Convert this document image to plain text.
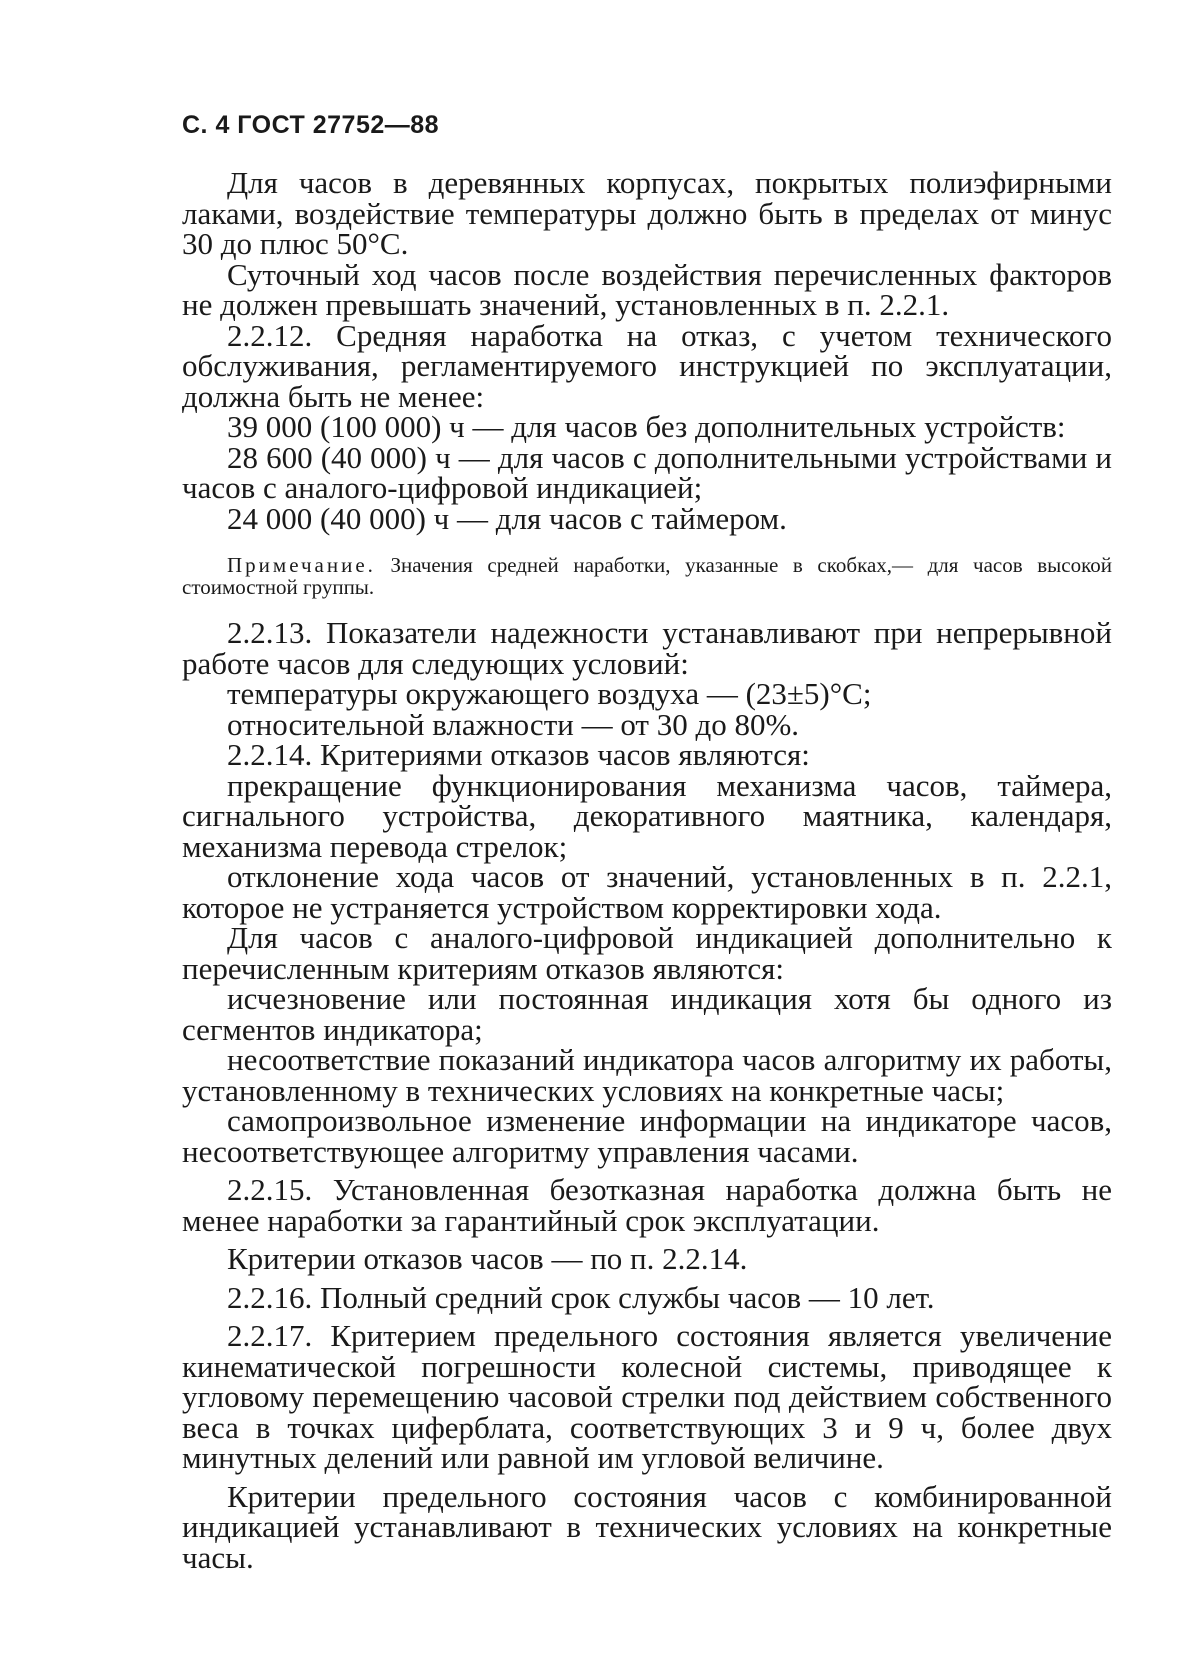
С. 4 ГОСТ 27752—88

Для часов в деревянных корпусах, покрытых полиэфирными лаками, воздействие температуры должно быть в пределах от минус 30 до плюс 50°С.

Суточный ход часов после воздействия перечисленных факторов не должен превышать значений, установленных в п. 2.2.1.

2.2.12. Средняя наработка на отказ, с учетом технического обслуживания, регламентируемого инструкцией по эксплуатации, должна быть не менее:

39 000 (100 000) ч — для часов без дополнительных устройств:

28 600 (40 000) ч — для часов с дополнительными устройствами и часов с аналого-цифровой индикацией;

24 000 (40 000) ч — для часов с таймером.

Примечание. Значения средней наработки, указанные в скобках,— для часов высокой стоимостной группы.

2.2.13. Показатели надежности устанавливают при непрерывной работе часов для следующих условий:

температуры окружающего воздуха — (23±5)°С;

относительной влажности — от 30 до 80%.

2.2.14. Критериями отказов часов являются:

прекращение функционирования механизма часов, таймера, сигнального устройства, декоративного маятника, календаря, механизма перевода стрелок;

отклонение хода часов от значений, установленных в п. 2.2.1, которое не устраняется устройством корректировки хода.

Для часов с аналого-цифровой индикацией дополнительно к перечисленным критериям отказов являются:

исчезновение или постоянная индикация хотя бы одного из сегментов индикатора;

несоответствие показаний индикатора часов алгоритму их работы, установленному в технических условиях на конкретные часы;

самопроизвольное изменение информации на индикаторе часов, несоответствующее алгоритму управления часами.

2.2.15. Установленная безотказная наработка должна быть не менее наработки за гарантийный срок эксплуатации.

Критерии отказов часов — по п. 2.2.14.

2.2.16. Полный средний срок службы часов — 10 лет.

2.2.17. Критерием предельного состояния является увеличение кинематической погрешности колесной системы, приводящее к угловому перемещению часовой стрелки под действием собственного веса в точках циферблата, соответствующих 3 и 9 ч, более двух минутных делений или равной им угловой величине.

Критерии предельного состояния часов с комбинированной индикацией устанавливают в технических условиях на конкретные часы.
